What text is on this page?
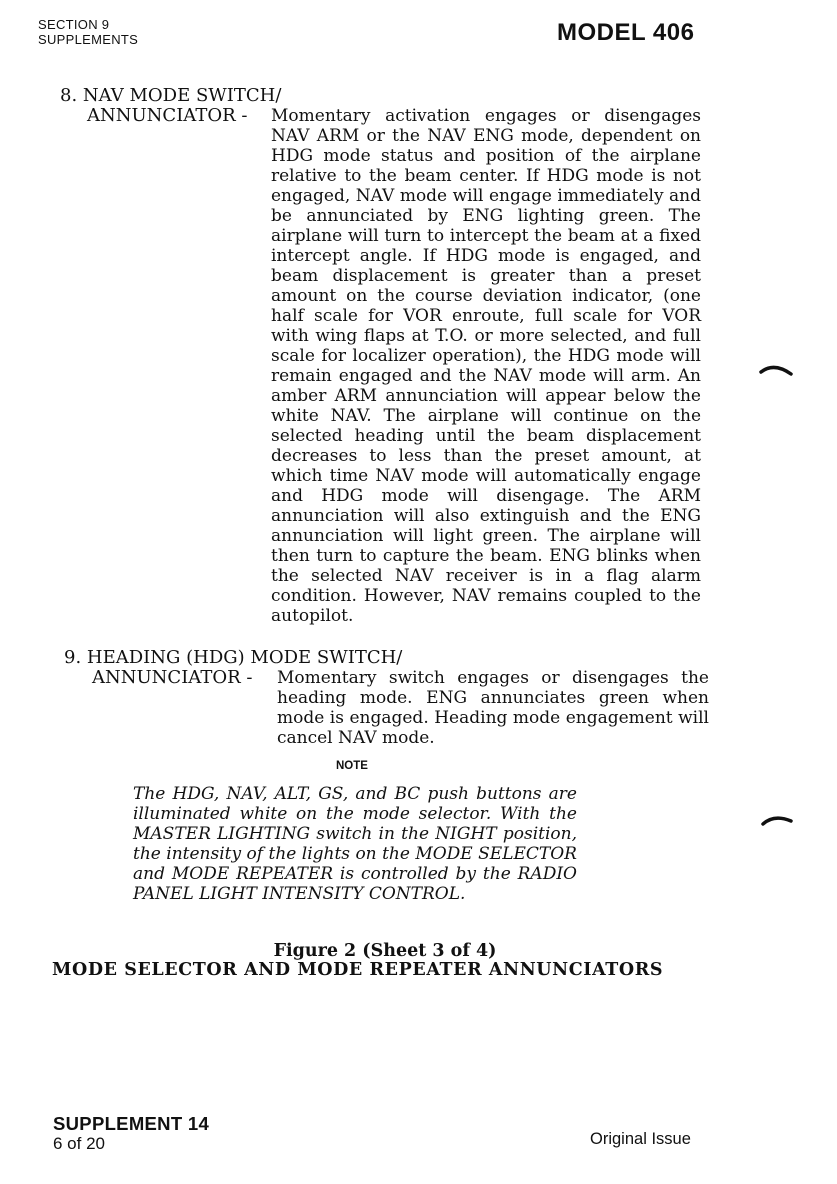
SECTION 9
SUPPLEMENTS	MODEL 406
8. NAV MODE SWITCH/
ANNUNCIATOR - Momentary activation engages or disengages NAV ARM or the NAV ENG mode, dependent on HDG mode status and position of the airplane relative to the beam center. If HDG mode is not engaged, NAV mode will engage immediately and be annunciated by ENG lighting green. The airplane will turn to intercept the beam at a fixed intercept angle. If HDG mode is engaged, and beam displacement is greater than a preset amount on the course deviation indicator, (one half scale for VOR enroute, full scale for VOR with wing flaps at T.O. or more selected, and full scale for localizer operation), the HDG mode will remain engaged and the NAV mode will arm. An amber ARM annunciation will appear below the white NAV. The airplane will continue on the selected heading until the beam displacement decreases to less than the preset amount, at which time NAV mode will automatically engage and HDG mode will disengage. The ARM annunciation will also extinguish and the ENG annunciation will light green. The airplane will then turn to capture the beam. ENG blinks when the selected NAV receiver is in a flag alarm condition. However, NAV remains coupled to the autopilot.
9. HEADING (HDG) MODE SWITCH/
ANNUNCIATOR - Momentary switch engages or disengages the heading mode. ENG annunciates green when mode is engaged. Heading mode engagement will cancel NAV mode.
NOTE
The HDG, NAV, ALT, GS, and BC push buttons are illuminated white on the mode selector. With the MASTER LIGHTING switch in the NIGHT position, the intensity of the lights on the MODE SELECTOR and MODE REPEATER is controlled by the RADIO PANEL LIGHT INTENSITY CONTROL.
Figure 2 (Sheet 3 of 4)
MODE SELECTOR AND MODE REPEATER ANNUNCIATORS
SUPPLEMENT 14
6 of 20	Original Issue
